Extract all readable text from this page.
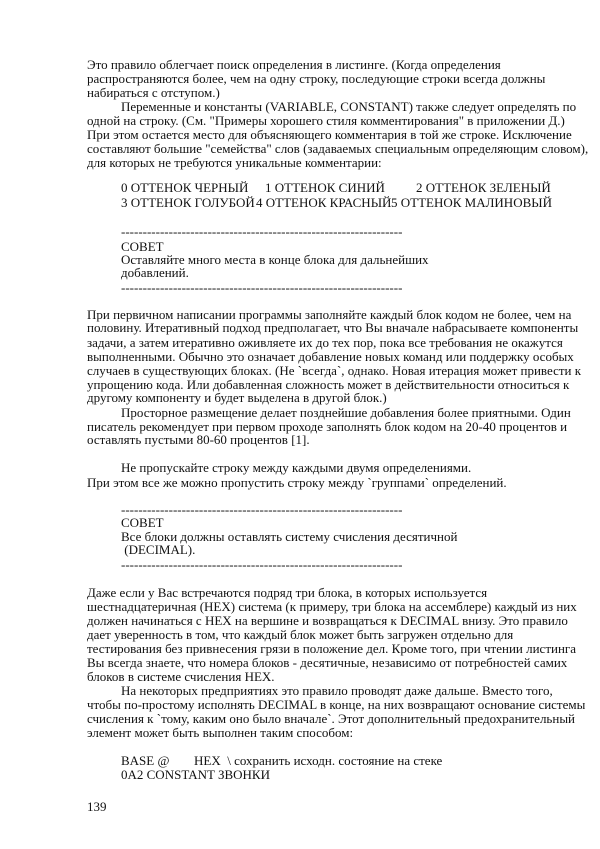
Это правило облегчает поиск определения в листинге. (Когда определения
распространяются более, чем на одну строку, последующие строки всегда должны
набираться с отступом.)
Переменные и константы (VARIABLE, CONSTANT) также следует определять по
одной на строку. (См. "Примеры хорошего стиля комментирования" в приложении Д.)
При этом остается место для объясняющего комментария в той же строке. Исключение
составляют большие "семейства" слов (задаваемых специальным определяющим словом),
для которых не требуются уникальные комментарии:
0 ОТТЕНОК ЧЕРНЫЙ 1 ОТТЕНОК СИНИЙ 2 ОТТЕНОК ЗЕЛЕНЫЙ
3 ОТТЕНОК ГОЛУБОЙ 4 ОТТЕНОК КРАСНЫЙ 5 ОТТЕНОК МАЛИНОВЫЙ
-----------------------------------------------------------------
СОВЕТ
Оставляйте много места в конце блока для дальнейших
добавлений.
-----------------------------------------------------------------
При первичном написании программы заполняйте каждый блок кодом не более, чем на
половину. Итеративный подход предполагает, что Вы вначале набрасываете компоненты
задачи, а затем итеративно оживляете их до тех пор, пока все требования не окажутся
выполненными. Обычно это означает добавление новых команд или поддержку особых
случаев в существующих блоках. (Не `всегда`, однако. Новая итерация может привести к
упрощению кода. Или добавленная сложность может в действительности относиться к
другому компоненту и будет выделена в другой блок.)
Просторное размещение делает позднейшие добавления более приятными. Один
писатель рекомендует при первом проходе заполнять блок кодом на 20-40 процентов и
оставлять пустыми 80-60 процентов [1].
Не пропускайте строку между каждыми двумя определениями.
При этом все же можно пропустить строку между `группами` определений.
-----------------------------------------------------------------
СОВЕТ
Все блоки должны оставлять систему счисления десятичной
(DECIMAL).
-----------------------------------------------------------------
Даже если у Вас встречаются подряд три блока, в которых используется
шестнадцатеричная (HEX) система (к примеру, три блока на ассемблере) каждый из них
должен начинаться с HEX на вершине и возвращаться к DECIMAL внизу. Это правило
дает уверенность в том, что каждый блок может быть загружен отдельно для
тестирования без привнесения грязи в положение дел. Кроме того, при чтении листинга
Вы всегда знаете, что номера блоков - десятичные, независимо от потребностей самих
блоков в системе счисления HEX.
На некоторых предприятиях это правило проводят даже дальше. Вместо того,
чтобы по-простому исполнять DECIMAL в конце, на них возвращают основание системы
счисления к `тому, каким оно было вначале`. Этот дополнительный предохранительный
элемент может быть выполнен таким способом:
BASE @ HEX  \ сохранить исходн. состояние на стеке
0A2 CONSTANT ЗВОНКИ
139
